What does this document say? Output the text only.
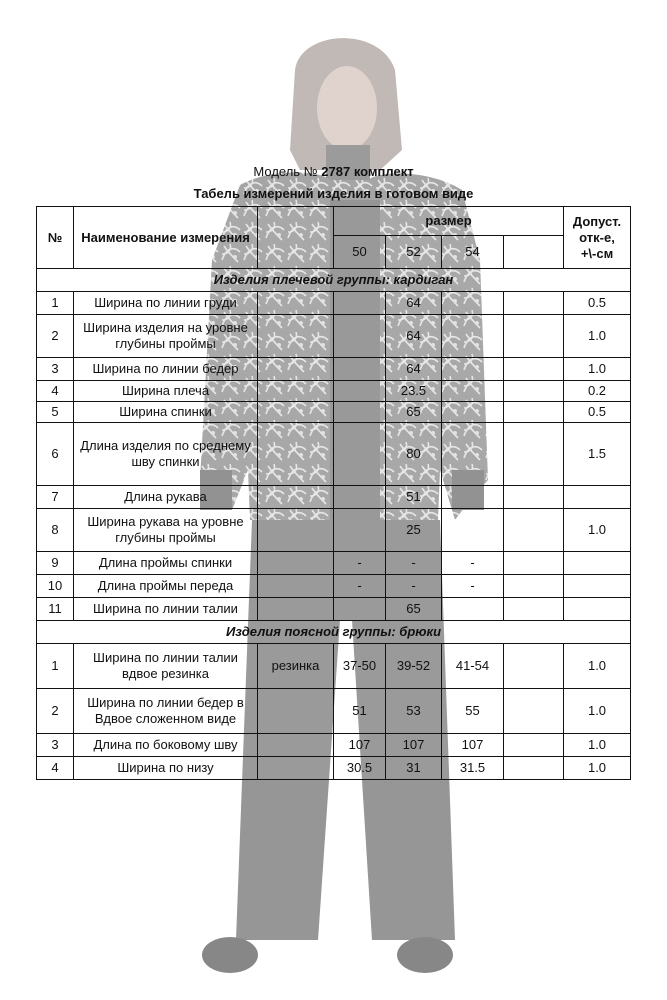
Модель № 2787 комплект
Табель измерений изделия в готовом виде
№	Наименование измерения		размер				Допуст.
отк-е,
+\-см
			50	52	54		
Изделия плечевой группы: кардиган							
1	Ширина по линии груди			64			0.5
2	Ширина изделия на уровне глубины проймы			64			1.0
3	Ширина по линии бедер			64			1.0
4	Ширина плеча			23.5			0.2
5	Ширина спинки			65			0.5
6	Длина изделия по среднему шву спинки			80			1.5
7	Длина рукава			51			
8	Ширина рукава на уровне глубины проймы			25			1.0
9	Длина проймы спинки		-	-	-		
10	Длина проймы переда		-	-	-		
11	Ширина по линии талии			65			
Изделия поясной группы: брюки							
1	Ширина по линии талии вдвое резинка	резинка	37-50	39-52	41-54		1.0
2	Ширина по линии бедер в Вдвое сложенном виде		51	53	55		1.0
3	Длина по боковому шву		107	107	107		1.0
4	Ширина по низу		30.5	31	31.5		1.0
